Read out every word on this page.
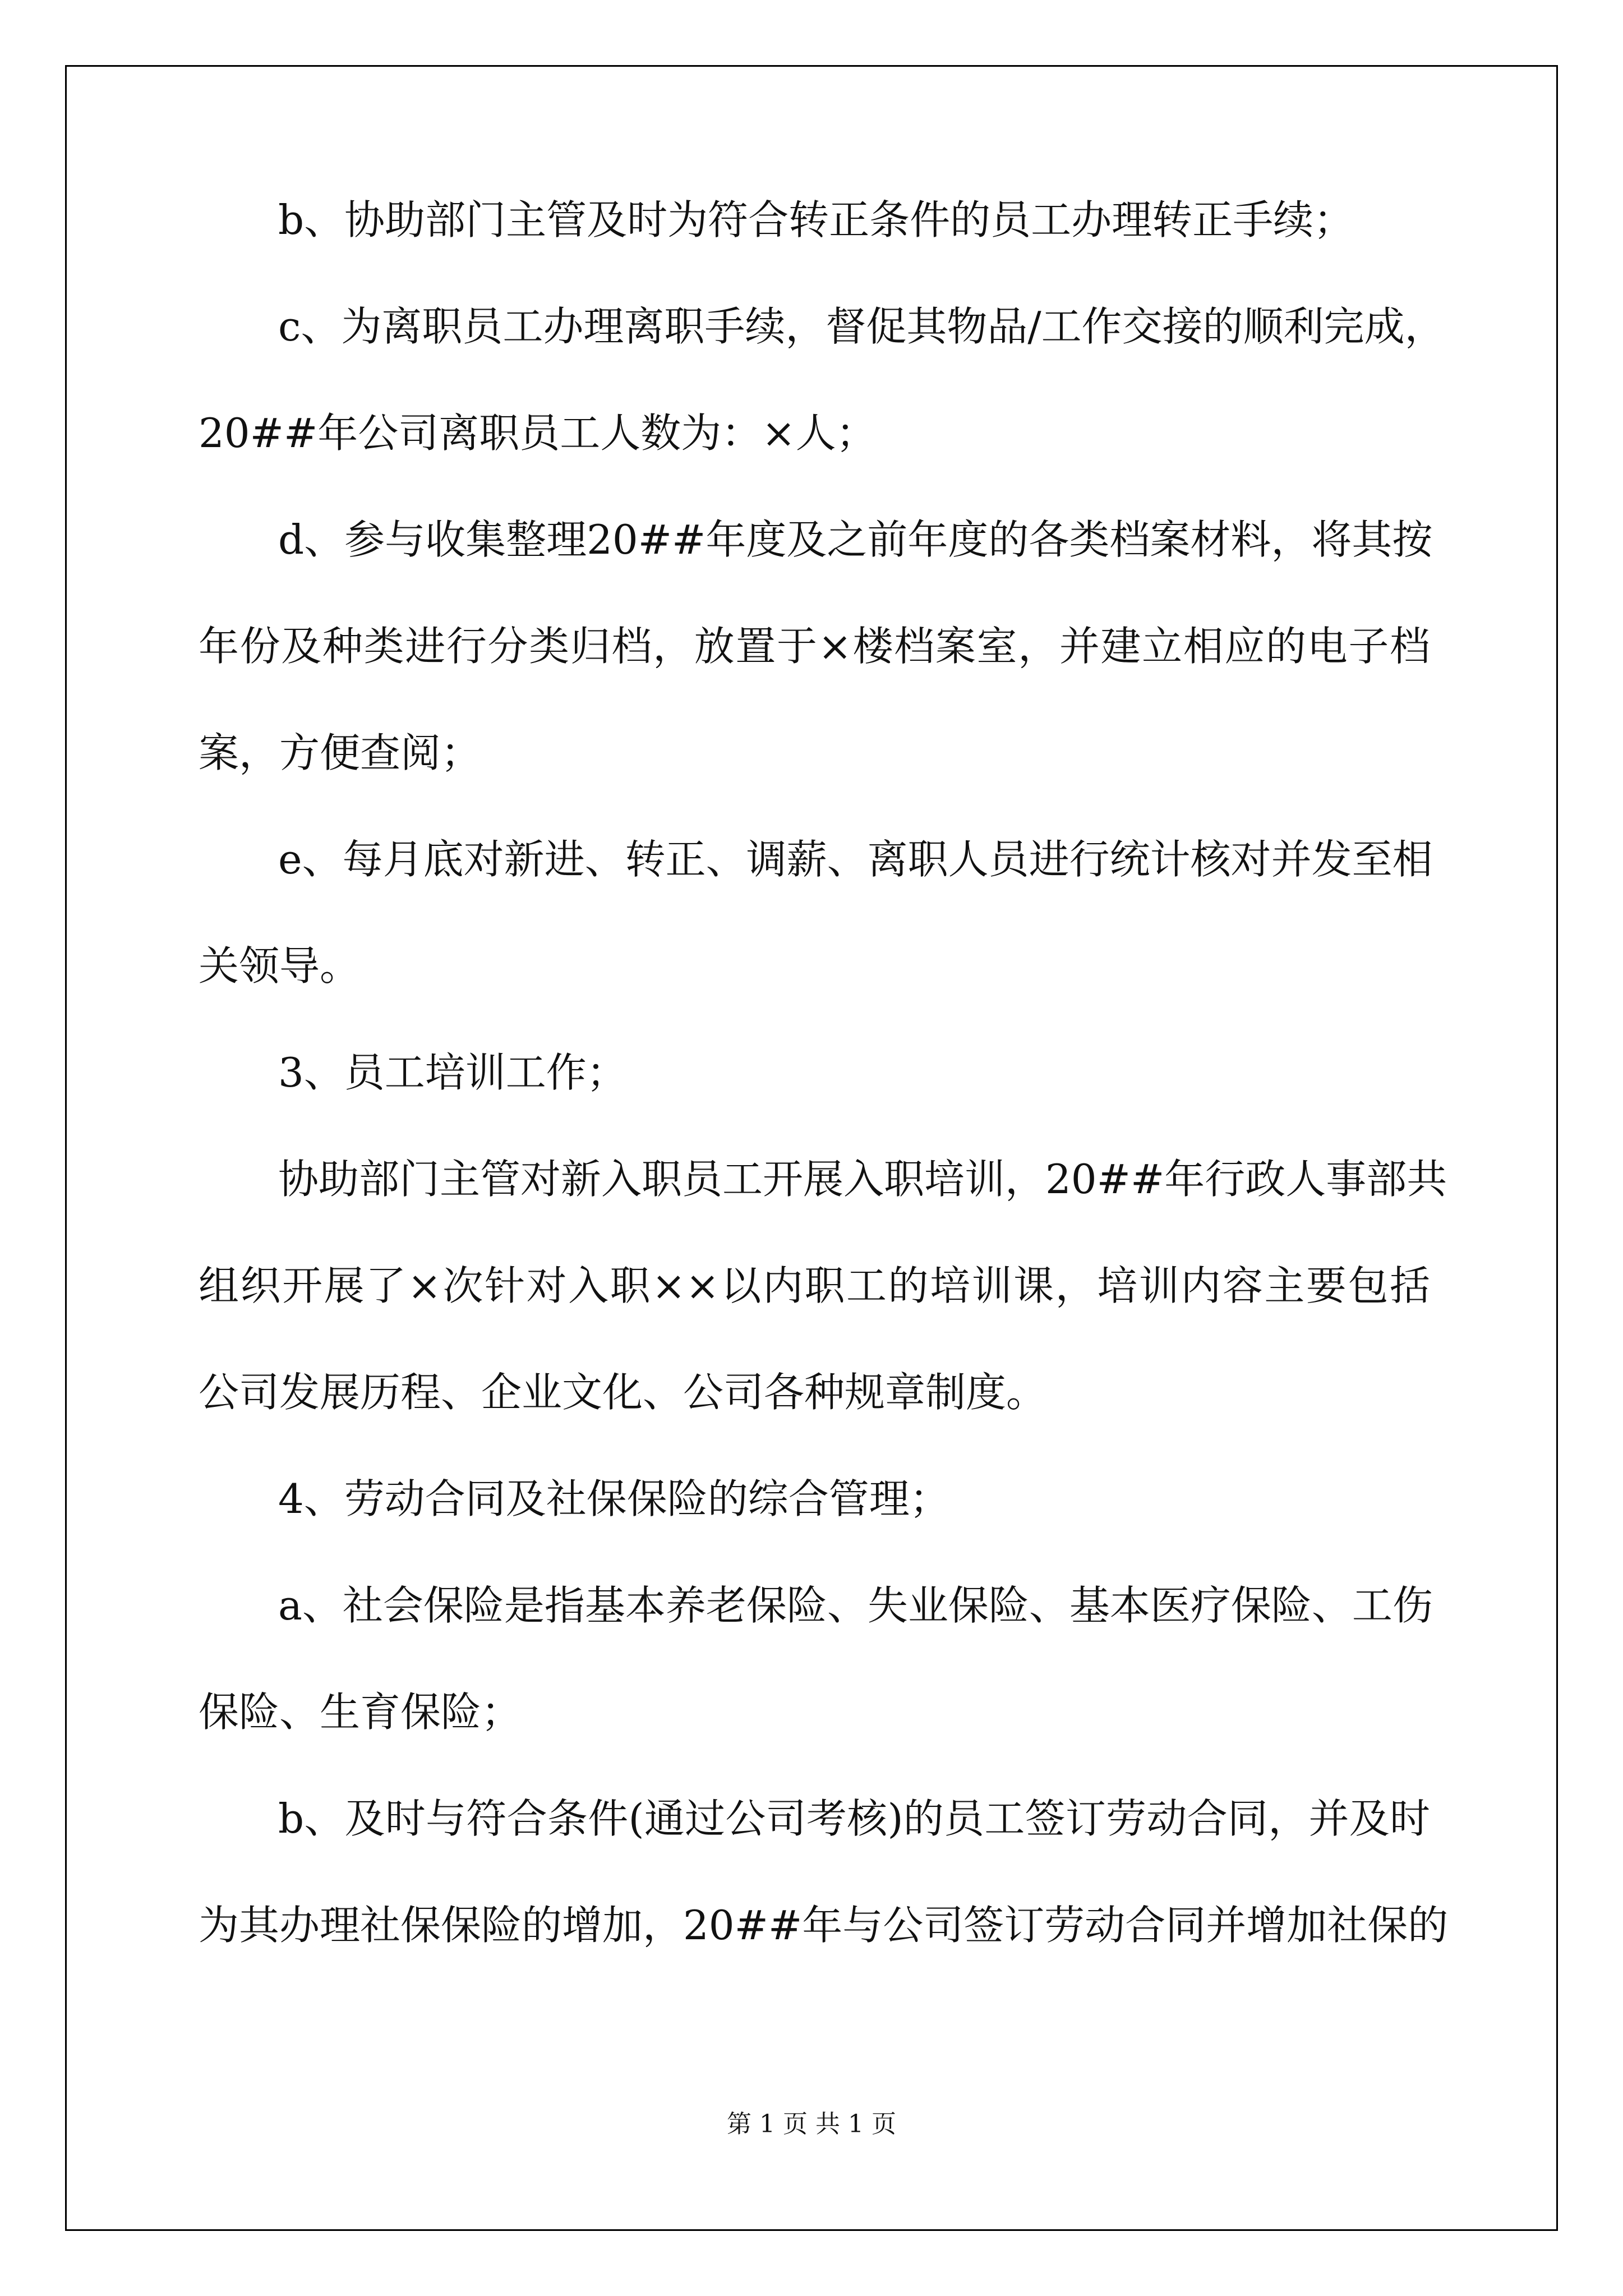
b、协助部门主管及时为符合转正条件的员工办理转正手续；
c、为离职员工办理离职手续，督促其物品/工作交接的顺利完成，
20##年公司离职员工人数为：×人；
d、参与收集整理20##年度及之前年度的各类档案材料，将其按
年份及种类进行分类归档，放置于×楼档案室，并建立相应的电子档
案，方便查阅；
e、每月底对新进、转正、调薪、离职人员进行统计核对并发至相
关领导。
3、员工培训工作；
协助部门主管对新入职员工开展入职培训，20##年行政人事部共
组织开展了×次针对入职××以内职工的培训课，培训内容主要包括
公司发展历程、企业文化、公司各种规章制度。
4、劳动合同及社保保险的综合管理；
a、社会保险是指基本养老保险、失业保险、基本医疗保险、工伤
保险、生育保险；
b、及时与符合条件(通过公司考核)的员工签订劳动合同，并及时
为其办理社保保险的增加，20##年与公司签订劳动合同并增加社保的
第 1 页 共 1 页
